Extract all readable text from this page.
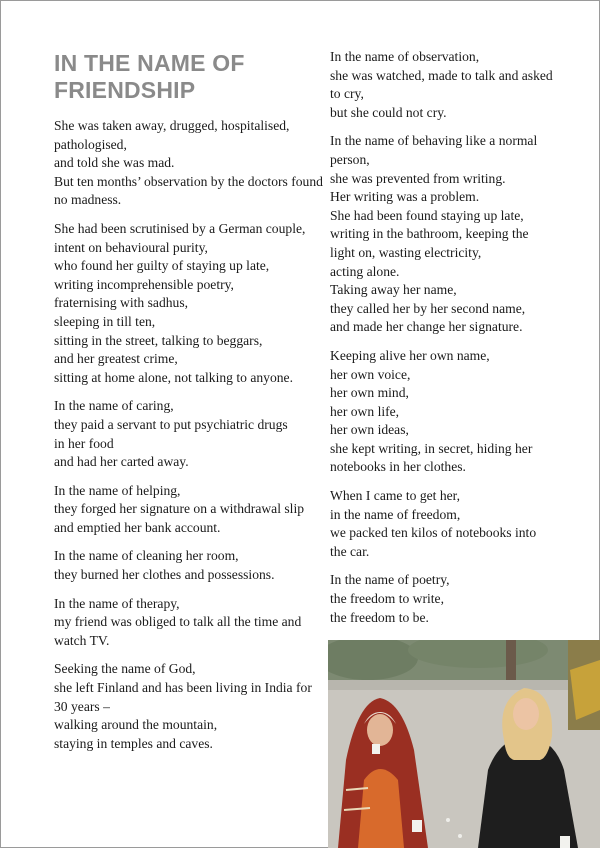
IN THE NAME OF
FRIENDSHIP

She was taken away, drugged, hospitalised,
pathologised,
and told she was mad.
But ten months’ observation by the doctors found
no madness.

She had been scrutinised by a German couple,
intent on behavioural purity,
who found her guilty of staying up late,
writing incomprehensible poetry,
fraternising with sadhus,
sleeping in till ten,
sitting in the street, talking to beggars,
and her greatest crime,
sitting at home alone, not talking to anyone.

In the name of caring,
they paid a servant to put psychiatric drugs
in her food
and had her carted away.

In the name of helping,
they forged her signature on a withdrawal slip
and emptied her bank account.

In the name of cleaning her room,
they burned her clothes and possessions.

In the name of therapy,
my friend was obliged to talk all the time and
watch TV.

Seeking the name of God,
she left Finland and has been living in India for
30 years –
walking around the mountain,
staying in temples and caves.

In the name of observation,
she was watched, made to talk and asked
to cry,
but she could not cry.

In the name of behaving like a normal
person,
she was prevented from writing.
Her writing was a problem.
She had been found staying up late,
writing in the bathroom, keeping the
light on, wasting electricity,
acting alone.
Taking away her name,
they called her by her second name,
and made her change her signature.

Keeping alive her own name,
her own voice,
her own mind,
her own life,
her own ideas,
she kept writing, in secret, hiding her
notebooks in her clothes.

When I came to get her,
in the name of freedom,
we packed ten kilos of notebooks into
the car.

In the name of poetry,
the freedom to write,
the freedom to be.
